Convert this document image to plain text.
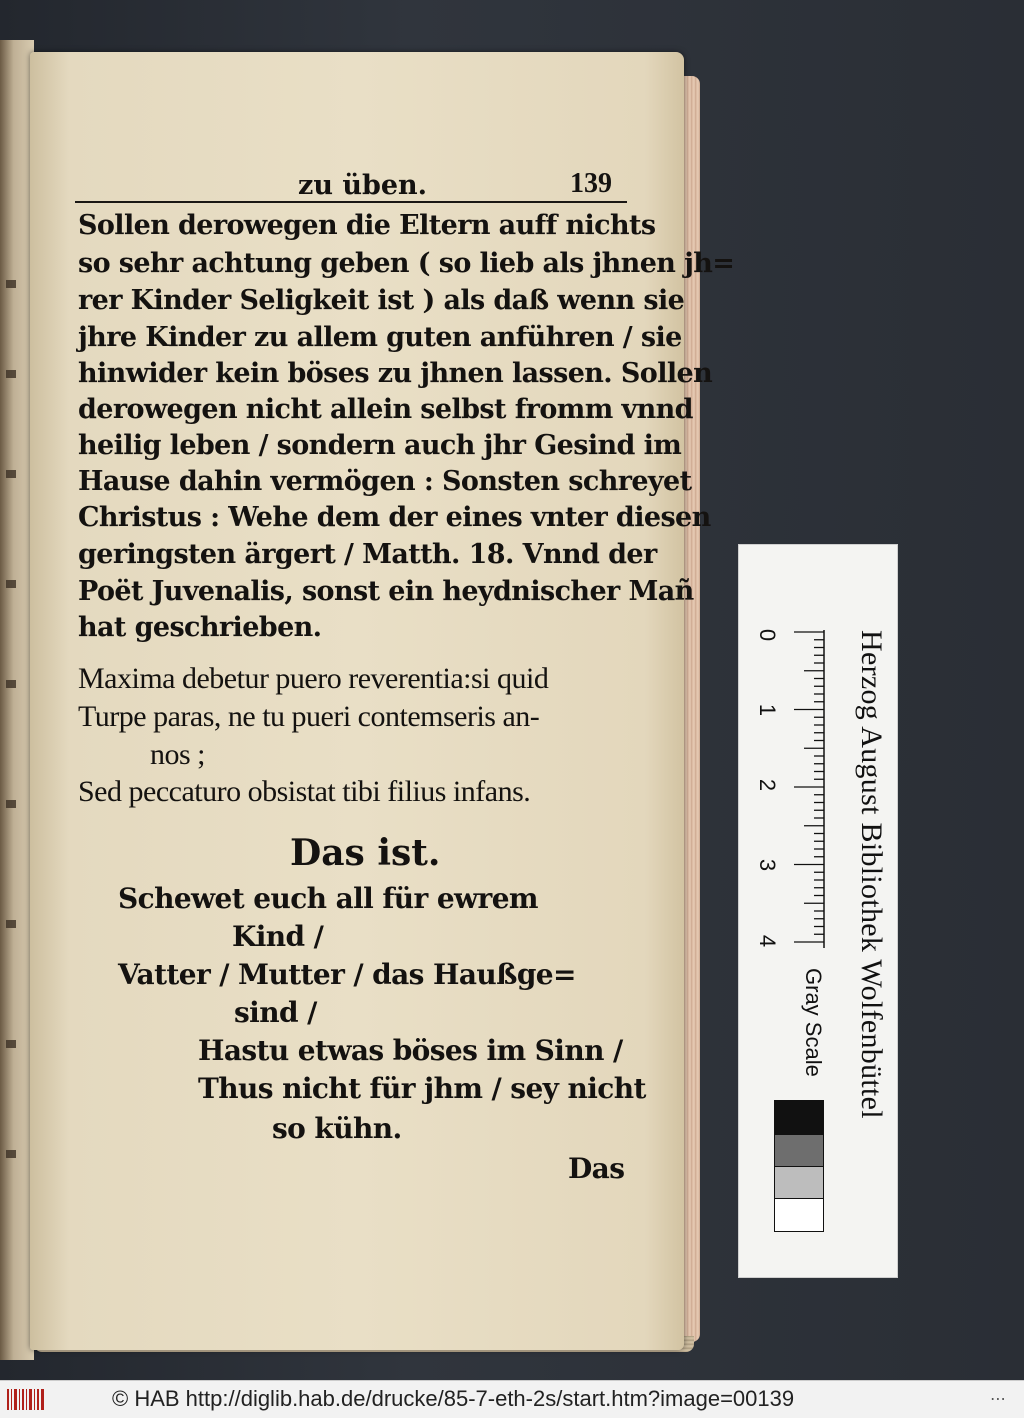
zu üben.	139

Sollen derowegen die Eltern auff nichts

so sehr achtung geben ( so lieb als jhnen jh=

rer Kinder Seligkeit ist ) als daß wenn sie

jhre Kinder zu allem guten anführen / sie

hinwider kein böses zu jhnen lassen. Sollen

derowegen nicht allein selbst fromm vnnd

heilig leben / sondern auch jhr Gesind im

Hause dahin vermögen : Sonsten schreyet

Christus : Wehe dem der eines vnter diesen

geringsten ärgert / Matth. 18. Vnnd der

Poët Juvenalis, sonst ein heydnischer Mañ

hat geschrieben.

Maxima debetur puero reverentia:si quid

Turpe paras, ne tu pueri contemseris an-

nos ;

Sed peccaturo obsistat tibi filius infans.

Das ist.

Schewet euch all für ewrem

Kind /

Vatter / Mutter / das Haußge=

sind /

Hastu etwas böses im Sinn /

Thus nicht für jhm / sey nicht

so kühn.

Das

Herzog August Bibliothek Wolfenbüttel
0
1
2
3
4
Gray Scale
© HAB http://diglib.hab.de/drucke/85-7-eth-2s/start.htm?image=00139	⋯
